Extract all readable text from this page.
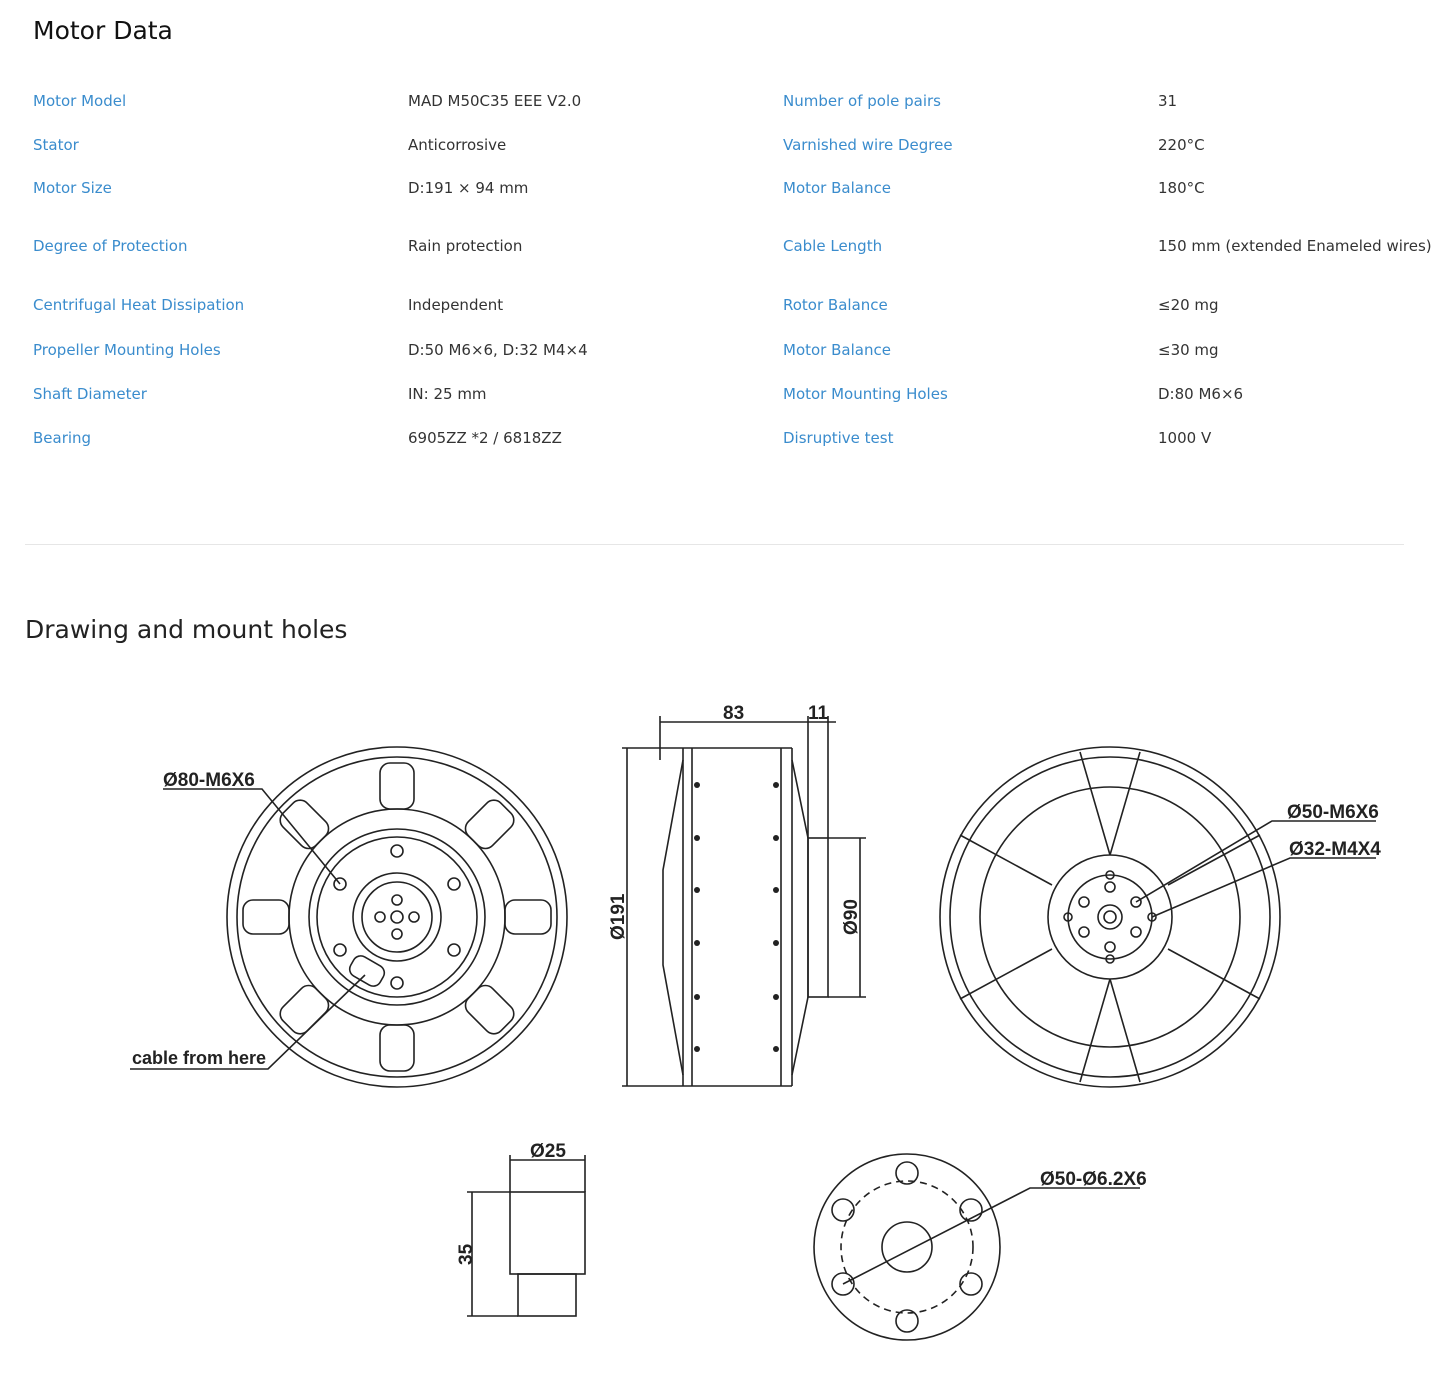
Motor Data
Motor Model	MAD M50C35 EEE V2.0	Number of pole pairs	31
Stator	Anticorrosive	Varnished wire Degree	220°C
Motor Size	D:191 × 94 mm	Motor Balance	180°C
Degree of Protection	Rain protection	Cable Length	150 mm (extended Enameled wires)
Centrifugal Heat Dissipation	Independent	Rotor Balance	≤20 mg
Propeller Mounting Holes	D:50 M6×6, D:32 M4×4	Motor Balance	≤30 mg
Shaft Diameter	IN: 25 mm	Motor Mounting Holes	D:80 M6×6
Bearing	6905ZZ *2 / 6818ZZ	Disruptive test	1000 V
Drawing and mount holes
Ø80-M6X6
cable from here
83	11
Ø191	Ø90
Ø50-M6X6
Ø32-M4X4
Ø25
35
Ø50-Ø6.2X6
